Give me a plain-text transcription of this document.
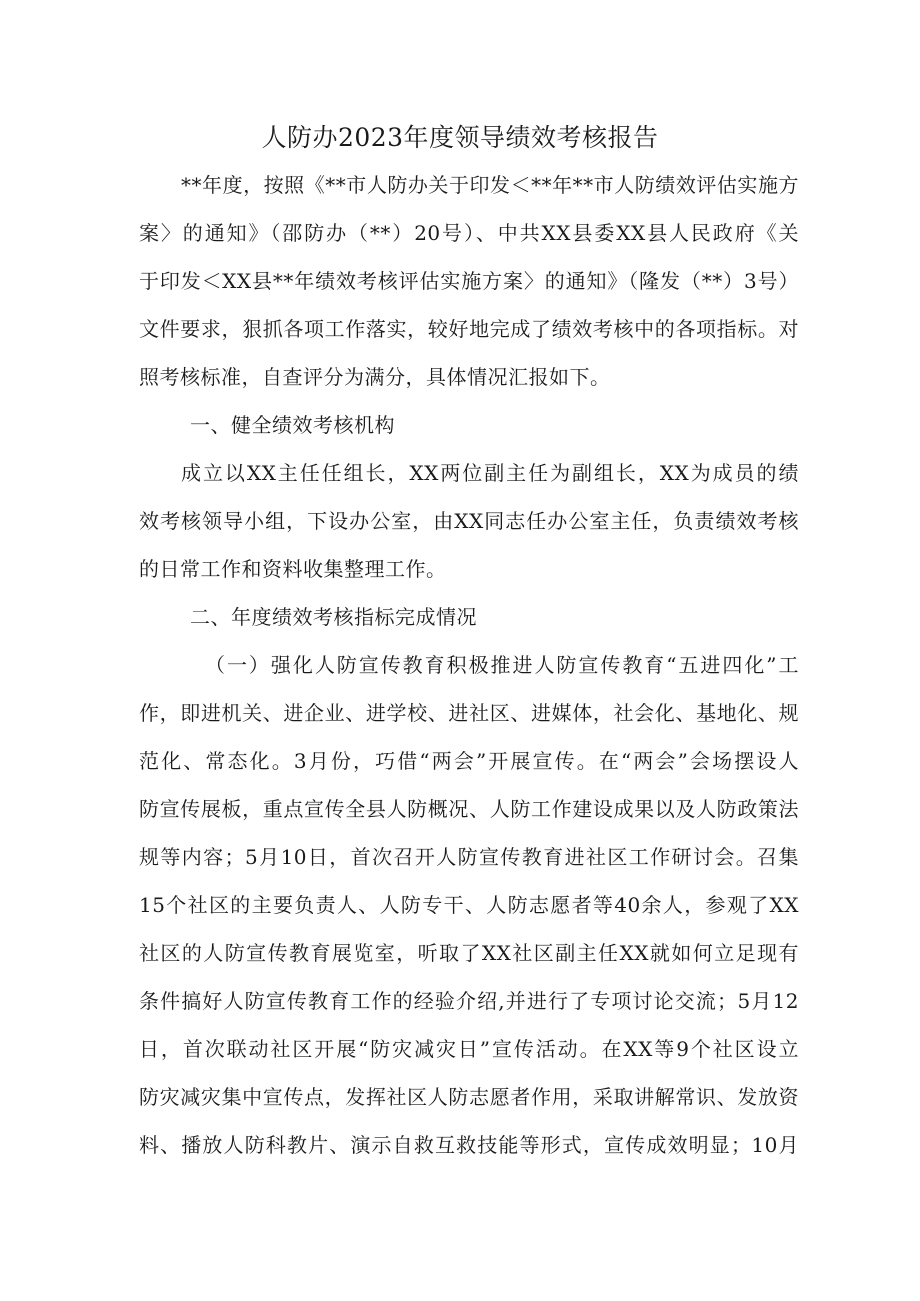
人防办2023年度领导绩效考核报告

**年度，按照《**市人防办关于印发＜**年**市人防绩效评估实施方

案〉的通知》（邵防办（**）20号）、中共XX县委XX县人民政府《关

于印发＜XX县**年绩效考核评估实施方案〉的通知》（隆发（**）3号）

文件要求，狠抓各项工作落实，较好地完成了绩效考核中的各项指标。对

照考核标准，自查评分为满分，具体情况汇报如下。

一、健全绩效考核机构

成立以XX主任任组长，XX两位副主任为副组长，XX为成员的绩

效考核领导小组，下设办公室，由XX同志任办公室主任，负责绩效考核

的日常工作和资料收集整理工作。

二、年度绩效考核指标完成情况

（一）强化人防宣传教育积极推进人防宣传教育“五进四化”工

作，即进机关、进企业、进学校、进社区、进媒体，社会化、基地化、规

范化、常态化。3月份，巧借“两会”开展宣传。在“两会”会场摆设人

防宣传展板，重点宣传全县人防概况、人防工作建设成果以及人防政策法

规等内容；5月10日，首次召开人防宣传教育进社区工作研讨会。召集

15个社区的主要负责人、人防专干、人防志愿者等40余人，参观了XX

社区的人防宣传教育展览室，听取了XX社区副主任XX就如何立足现有

条件搞好人防宣传教育工作的经验介绍,并进行了专项讨论交流；5月12

日，首次联动社区开展“防灾减灾日”宣传活动。在XX等9个社区设立

防灾减灾集中宣传点，发挥社区人防志愿者作用，采取讲解常识、发放资

料、播放人防科教片、演示自救互救技能等形式，宣传成效明显；10月
